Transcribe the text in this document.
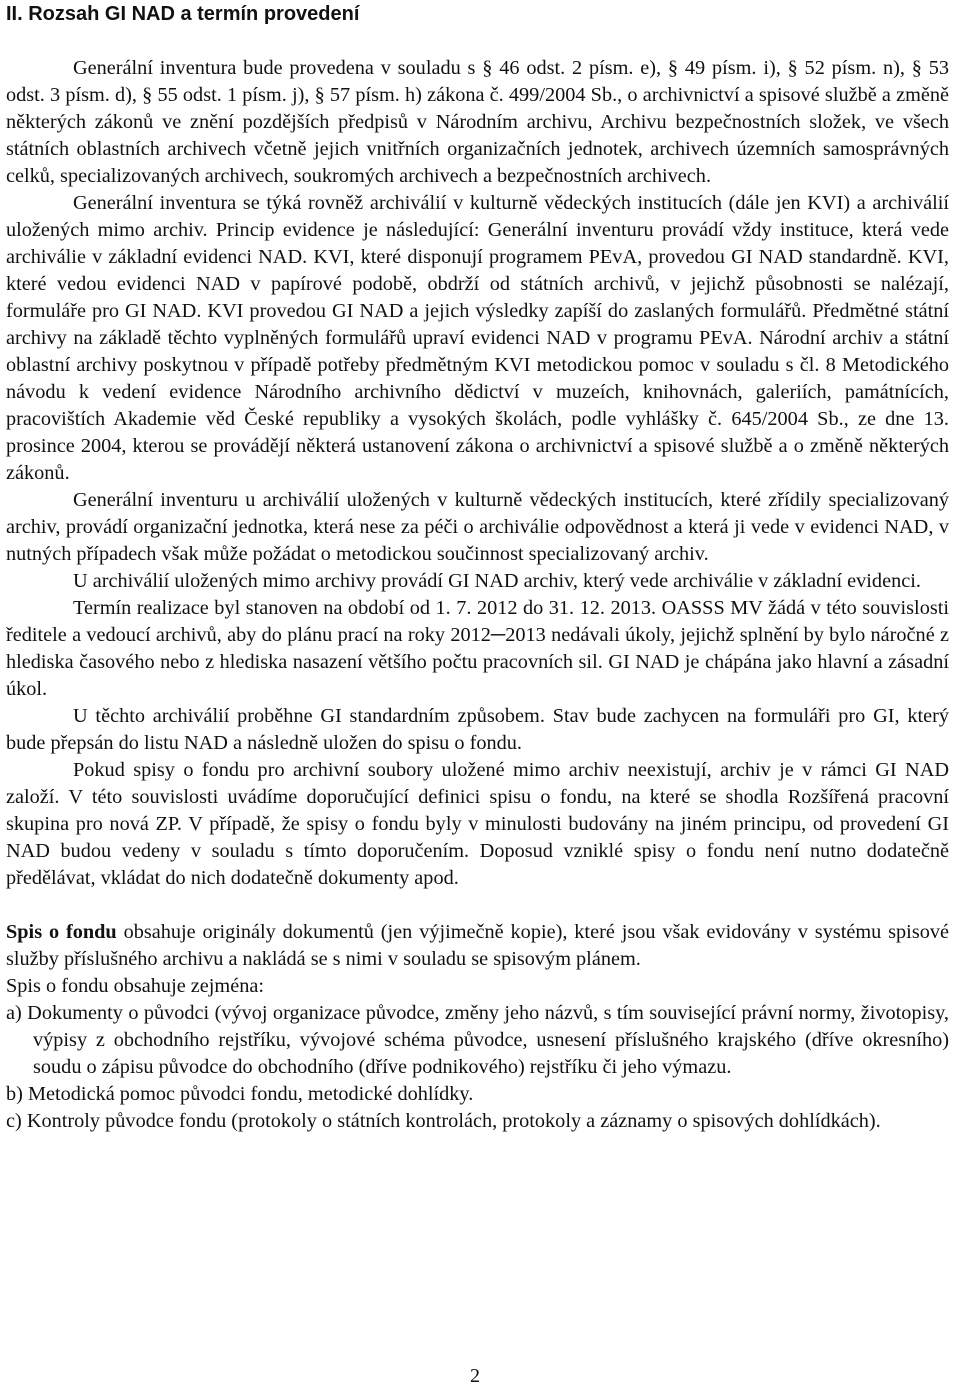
II. Rozsah GI NAD a termín provedení

Generální inventura bude provedena v souladu s § 46 odst. 2 písm. e), § 49 písm. i), § 52 písm. n), § 53 odst. 3 písm. d), § 55 odst. 1 písm. j), § 57 písm. h) zákona č. 499/2004 Sb., o archivnictví a spisové službě a změně některých zákonů ve znění pozdějších předpisů v Národním archivu, Archivu bezpečnostních složek, ve všech státních oblastních archivech včetně jejich vnitřních organizačních jednotek, archivech územních samosprávných celků, specializovaných archivech, soukromých archivech a bezpečnostních archivech.

Generální inventura se týká rovněž archiválií v kulturně vědeckých institucích (dále jen KVI) a archiválií uložených mimo archiv. Princip evidence je následující: Generální inventuru provádí vždy instituce, která vede archiválie v základní evidenci NAD. KVI, které disponují programem PEvA, provedou GI NAD standardně. KVI, které vedou evidenci NAD v papírové podobě, obdrží od státních archivů, v jejichž působnosti se nalézají, formuláře pro GI NAD. KVI provedou GI NAD a jejich výsledky zapíší do zaslaných formulářů. Předmětné státní archivy na základě těchto vyplněných formulářů upraví evidenci NAD v programu PEvA. Národní archiv a státní oblastní archivy poskytnou v případě potřeby předmětným KVI metodickou pomoc v souladu s čl. 8 Metodického návodu k vedení evidence Národního archivního dědictví v muzeích, knihovnách, galeriích, památnících, pracovištích Akademie věd České republiky a vysokých školách, podle vyhlášky č. 645/2004 Sb., ze dne 13. prosince 2004, kterou se provádějí některá ustanovení zákona o archivnictví a spisové službě a o změně některých zákonů.

Generální inventuru u archiválií uložených v kulturně vědeckých institucích, které zřídily specializovaný archiv, provádí organizační jednotka, která nese za péči o archiválie odpovědnost a která ji vede v evidenci NAD, v nutných případech však může požádat o metodickou součinnost specializovaný archiv.

U archiválií uložených mimo archivy provádí GI NAD archiv, který vede archiválie v základní evidenci.

Termín realizace byl stanoven na období od 1. 7. 2012 do 31. 12. 2013. OASSS MV žádá v této souvislosti ředitele a vedoucí archivů, aby do plánu prací na roky 2012─2013 nedávali úkoly, jejichž splnění by bylo náročné z hlediska časového nebo z hlediska nasazení většího počtu pracovních sil. GI NAD je chápána jako hlavní a zásadní úkol.

U těchto archiválií proběhne GI standardním způsobem. Stav bude zachycen na formuláři pro GI, který bude přepsán do listu NAD a následně uložen do spisu o fondu.

Pokud spisy o fondu pro archivní soubory uložené mimo archiv neexistují, archiv je v rámci GI NAD založí. V této souvislosti uvádíme doporučující definici spisu o fondu, na které se shodla Rozšířená pracovní skupina pro nová ZP. V případě, že spisy o fondu byly v minulosti budovány na jiném principu, od provedení GI NAD budou vedeny v souladu s tímto doporučením. Doposud vzniklé spisy o fondu není nutno dodatečně předělávat, vkládat do nich dodatečně dokumenty apod.

Spis o fondu obsahuje originály dokumentů (jen výjimečně kopie), které jsou však evidovány v systému spisové služby příslušného archivu a nakládá se s nimi v souladu se spisovým plánem.

Spis o fondu obsahuje zejména:

a) Dokumenty o původci (vývoj organizace původce, změny jeho názvů, s tím související právní normy, životopisy, výpisy z obchodního rejstříku, vývojové schéma původce, usnesení příslušného krajského (dříve okresního) soudu o zápisu původce do obchodního (dříve podnikového) rejstříku či jeho výmazu.
b) Metodická pomoc původci fondu, metodické dohlídky.
c) Kontroly původce fondu (protokoly o státních kontrolách, protokoly a záznamy o spisových dohlídkách).
2
